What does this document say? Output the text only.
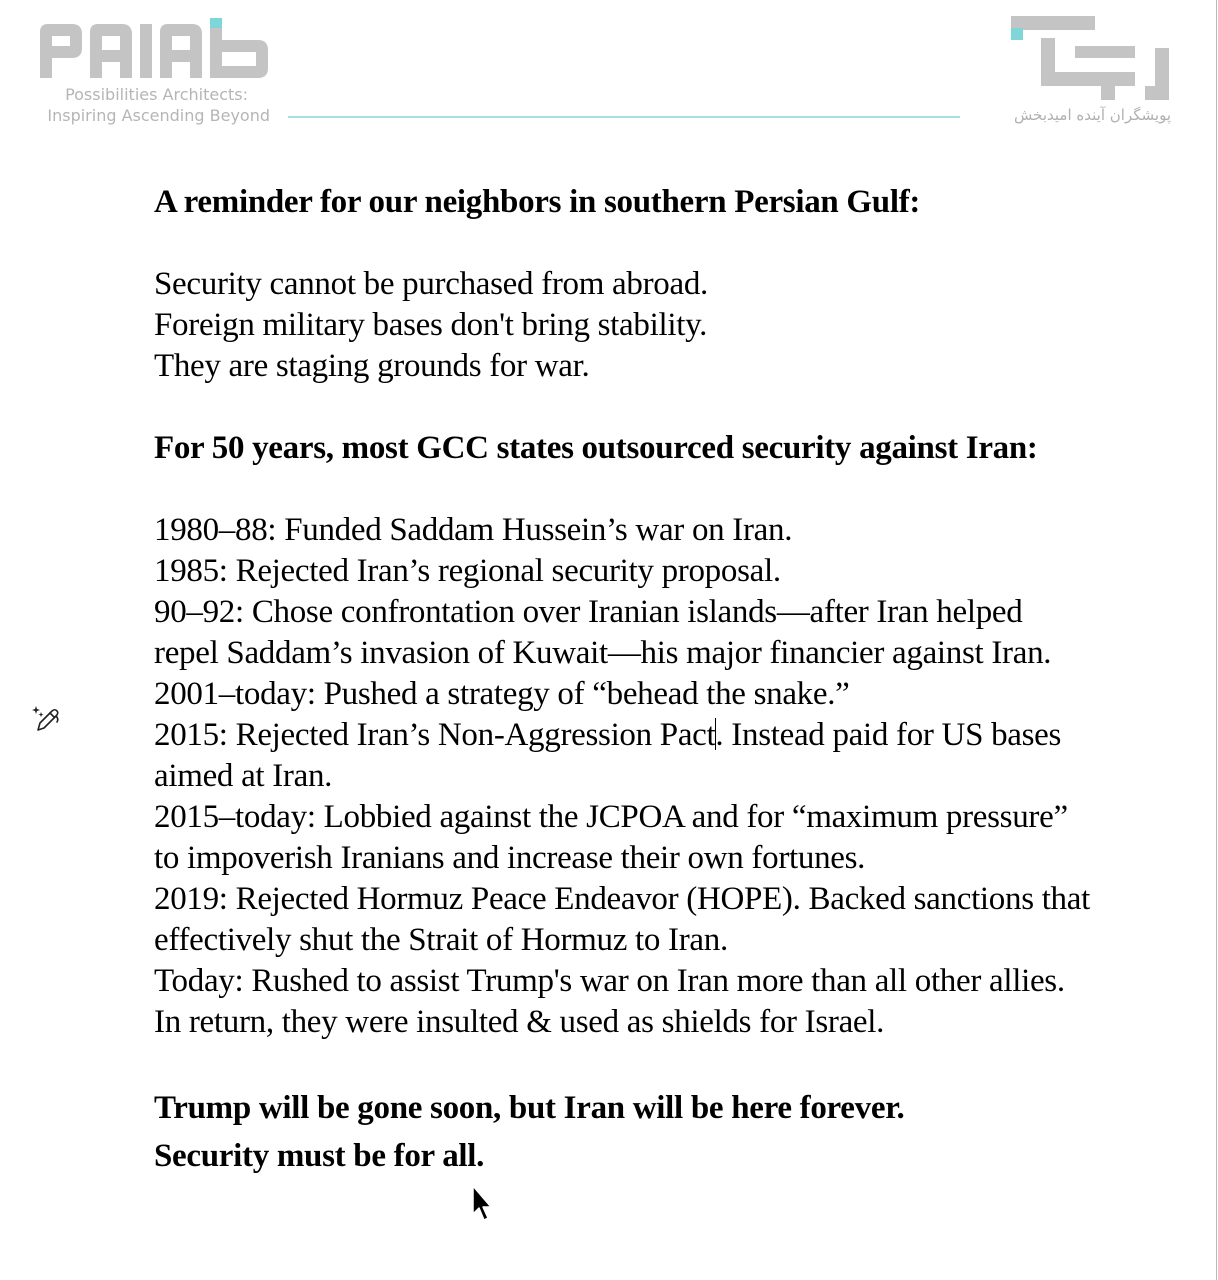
Possibilities Architects:
Inspiring Ascending Beyond	پویشگران آینده امیدبخش

A reminder for our neighbors in southern Persian Gulf:

Security cannot be purchased from abroad.

Foreign military bases don't bring stability.

They are staging grounds for war.

For 50 years, most GCC states outsourced security against Iran:

1980–88: Funded Saddam Hussein’s war on Iran.

1985: Rejected Iran’s regional security proposal.

90–92: Chose confrontation over Iranian islands—after Iran helped

repel Saddam’s invasion of Kuwait—his major financier against Iran.

2001–today: Pushed a strategy of “behead the snake.”

2015: Rejected Iran’s Non-Aggression Pact. Instead paid for US bases

aimed at Iran.

2015–today: Lobbied against the JCPOA and for “maximum pressure”

to impoverish Iranians and increase their own fortunes.

2019: Rejected Hormuz Peace Endeavor (HOPE). Backed sanctions that

effectively shut the Strait of Hormuz to Iran.

Today: Rushed to assist Trump's war on Iran more than all other allies.

In return, they were insulted & used as shields for Israel.

Trump will be gone soon, but Iran will be here forever.

Security must be for all.
